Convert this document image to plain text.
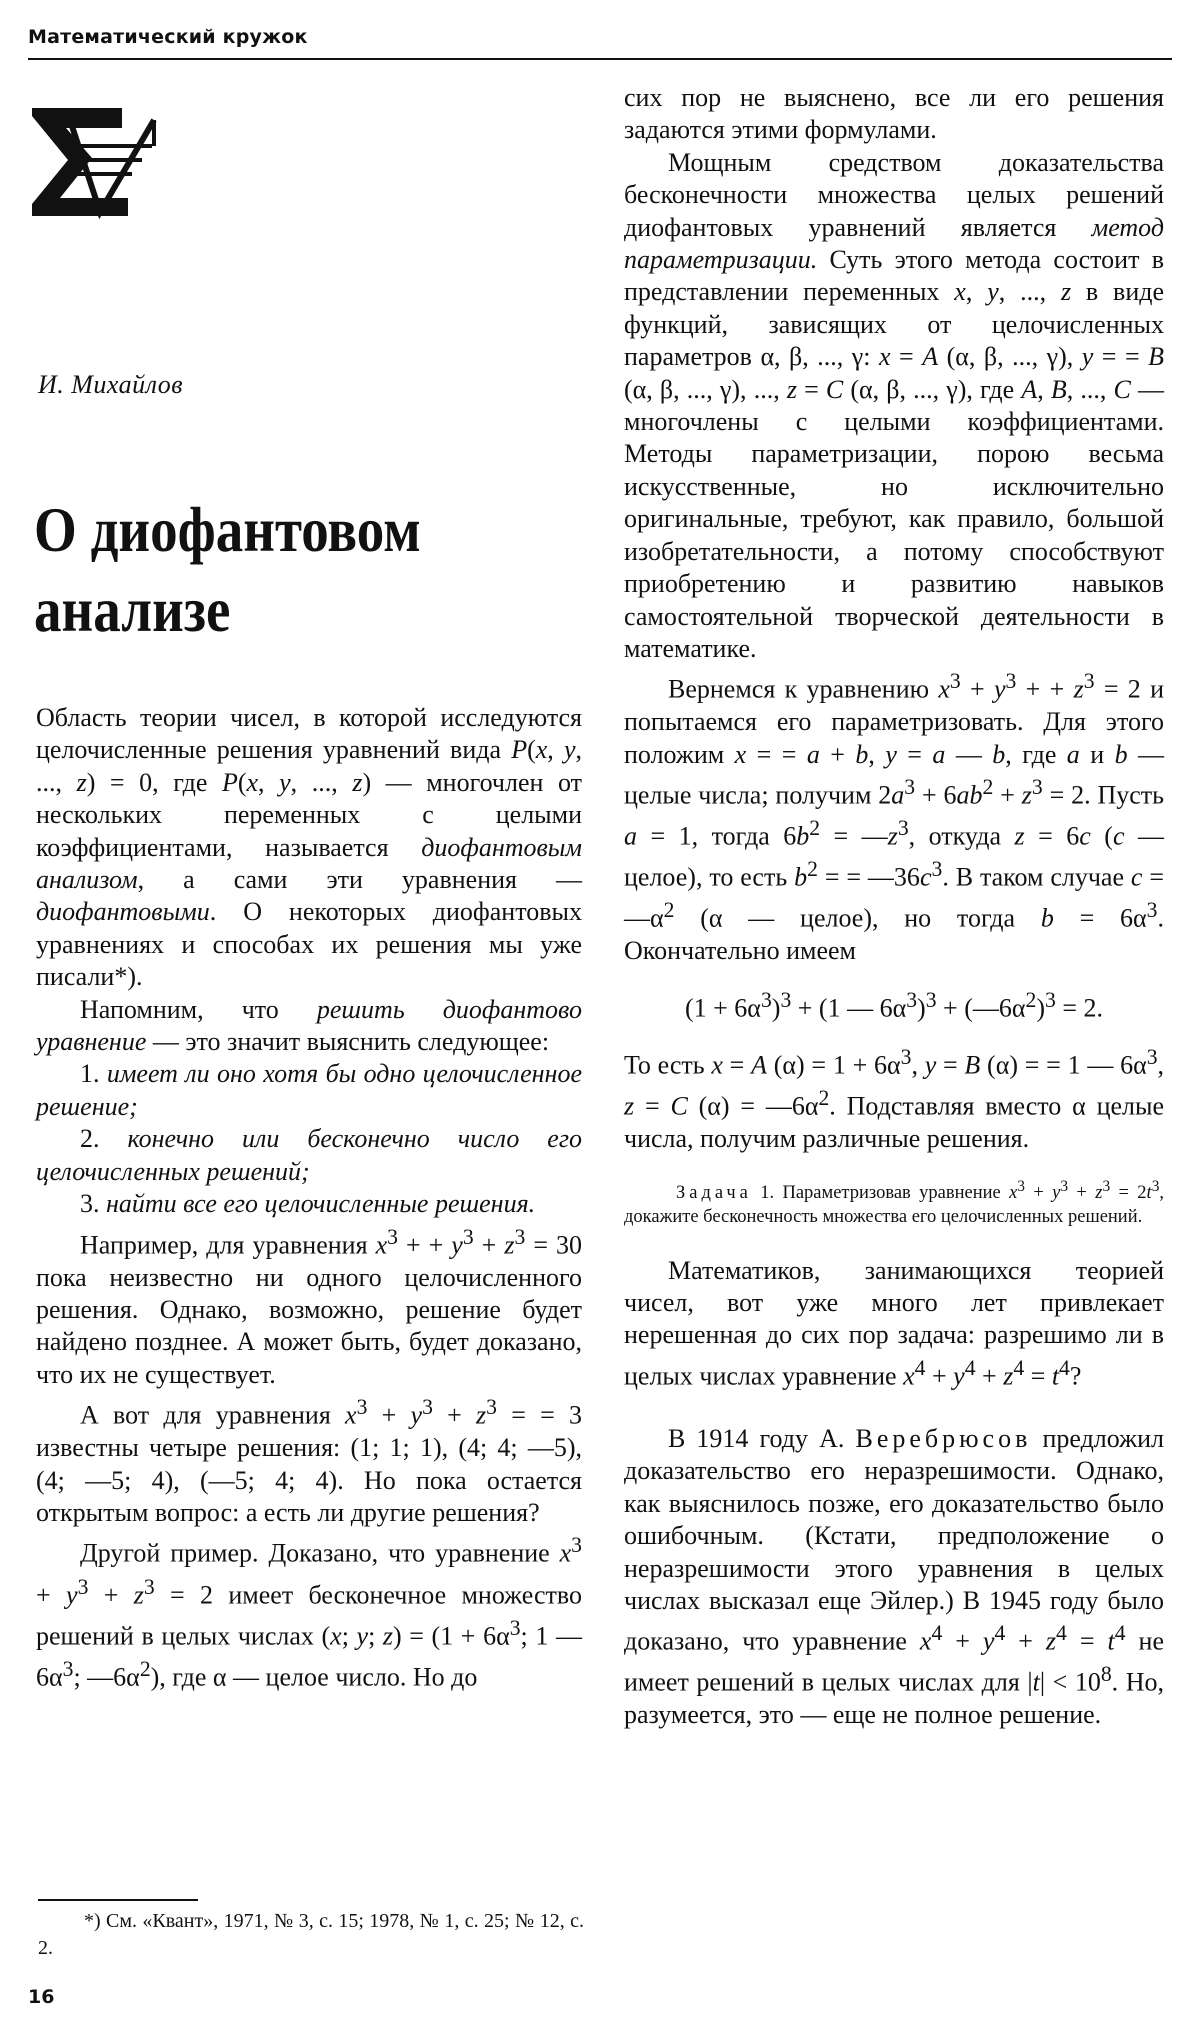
Математический кружок
И. Михайлов
О диофантовом анализе

Область теории чисел, в которой исследуются целочисленные решения уравнений вида P(x, y, ..., z) = 0, где P(x, y, ..., z) — многочлен от нескольких переменных с целыми коэффициентами, называется диофантовым анализом, а сами эти уравнения — диофантовыми. О некоторых диофантовых уравнениях и способах их решения мы уже писали*).

Напомним, что решить диофантово уравнение — это значит выяснить следующее:

1. имеет ли оно хотя бы одно целочисленное решение;

2. конечно или бесконечно число его целочисленных решений;

3. найти все его целочисленные решения.

Например, для уравнения $x^3$ + + $y^3 + z^3 = 30$ пока неизвестно ни одного целочисленного решения. Однако, возможно, решение будет найдено позднее. А может быть, будет доказано, что их не существует.

А вот для уравнения $x^3 + y^3 + z^3$ = = 3 известны четыре решения: (1; 1; 1), (4; 4; —5), (4; —5; 4), (—5; 4; 4). Но пока остается открытым вопрос: а есть ли другие решения?

Другой пример. Доказано, что уравнение $x^3 + y^3 + z^3 = 2$ имеет бесконечное множество решений в целых числах (x; y; $z) = (1 + 6\alpha^3$; 1 — $6\alpha^3$; $—6\alpha^2$), где α — целое число. Но до

сих пор не выяснено, все ли его решения задаются этими формулами.

Мощным средством доказательства бесконечности множества целых решений диофантовых уравнений является метод параметризации. Суть этого метода состоит в представлении переменных x, y, ..., z в виде функций, зависящих от целочисленных параметров α, β, ..., γ: x = A (α, β, ..., γ), y = = B (α, β, ..., γ), ..., z = C (α, β, ..., γ), где A, B, ..., C — многочлены с целыми коэффициентами. Методы параметризации, порою весьма искусственные, но исключительно оригинальные, требуют, как правило, большой изобретательности, а потому способствуют приобретению и развитию навыков самостоятельной творческой деятельности в математике.

Вернемся к уравнению $x^3 + y^3$ + + $z^3 = 2$ и попытаемся его параметризовать. Для этого положим x = = a + b, y = a — b, где a и b — целые числа; получим $2a^3 + 6ab^2 + z^3 = 2$. Пусть a = 1, тогда $6b^2$ = $—z^3$, откуда z = 6c (c — целое), то есть $b^2$ = = $—36c^3$. В таком случае $c = —\alpha^2$ (α — целое), но тогда $b = 6\alpha^3$. Окончательно имеем

$(1 + 6\alpha^3)^3 + (1$ — $6\alpha^3)^3$ + $(—6\alpha^2)^3 = 2$.

То есть x = A $(\alpha) = 1 + 6\alpha^3$, y = B (α) = = 1 — $6\alpha^3$, z = C $(\alpha) = —6\alpha^2$. Подставляя вместо α целые числа, получим различные решения.

Задача 1. Параметризовав уравнение $x^3 + y^3 + z^3 = 2t^3$, докажите бесконечность множества его целочисленных решений.

Математиков, занимающихся теорией чисел, вот уже много лет привлекает нерешенная до сих пор задача: разрешимо ли в целых числах уравнение $x^4 + y^4 + z^4 = t^4$?

В 1914 году А. Веребрюсов предложил доказательство его неразрешимости. Однако, как выяснилось позже, его доказательство было ошибочным. (Кстати, предположение о неразрешимости этого уравнения в целых числах высказал еще Эйлер.) В 1945 году было доказано, что уравнение $x^4 + y^4 + z^4 = t^4$ не имеет решений в целых числах для $|t| < 10^8$. Но, разумеется, это — еще не полное решение.

*) См. «Квант», 1971, № 3, с. 15; 1978, № 1, с. 25; № 12, с. 2.
16
